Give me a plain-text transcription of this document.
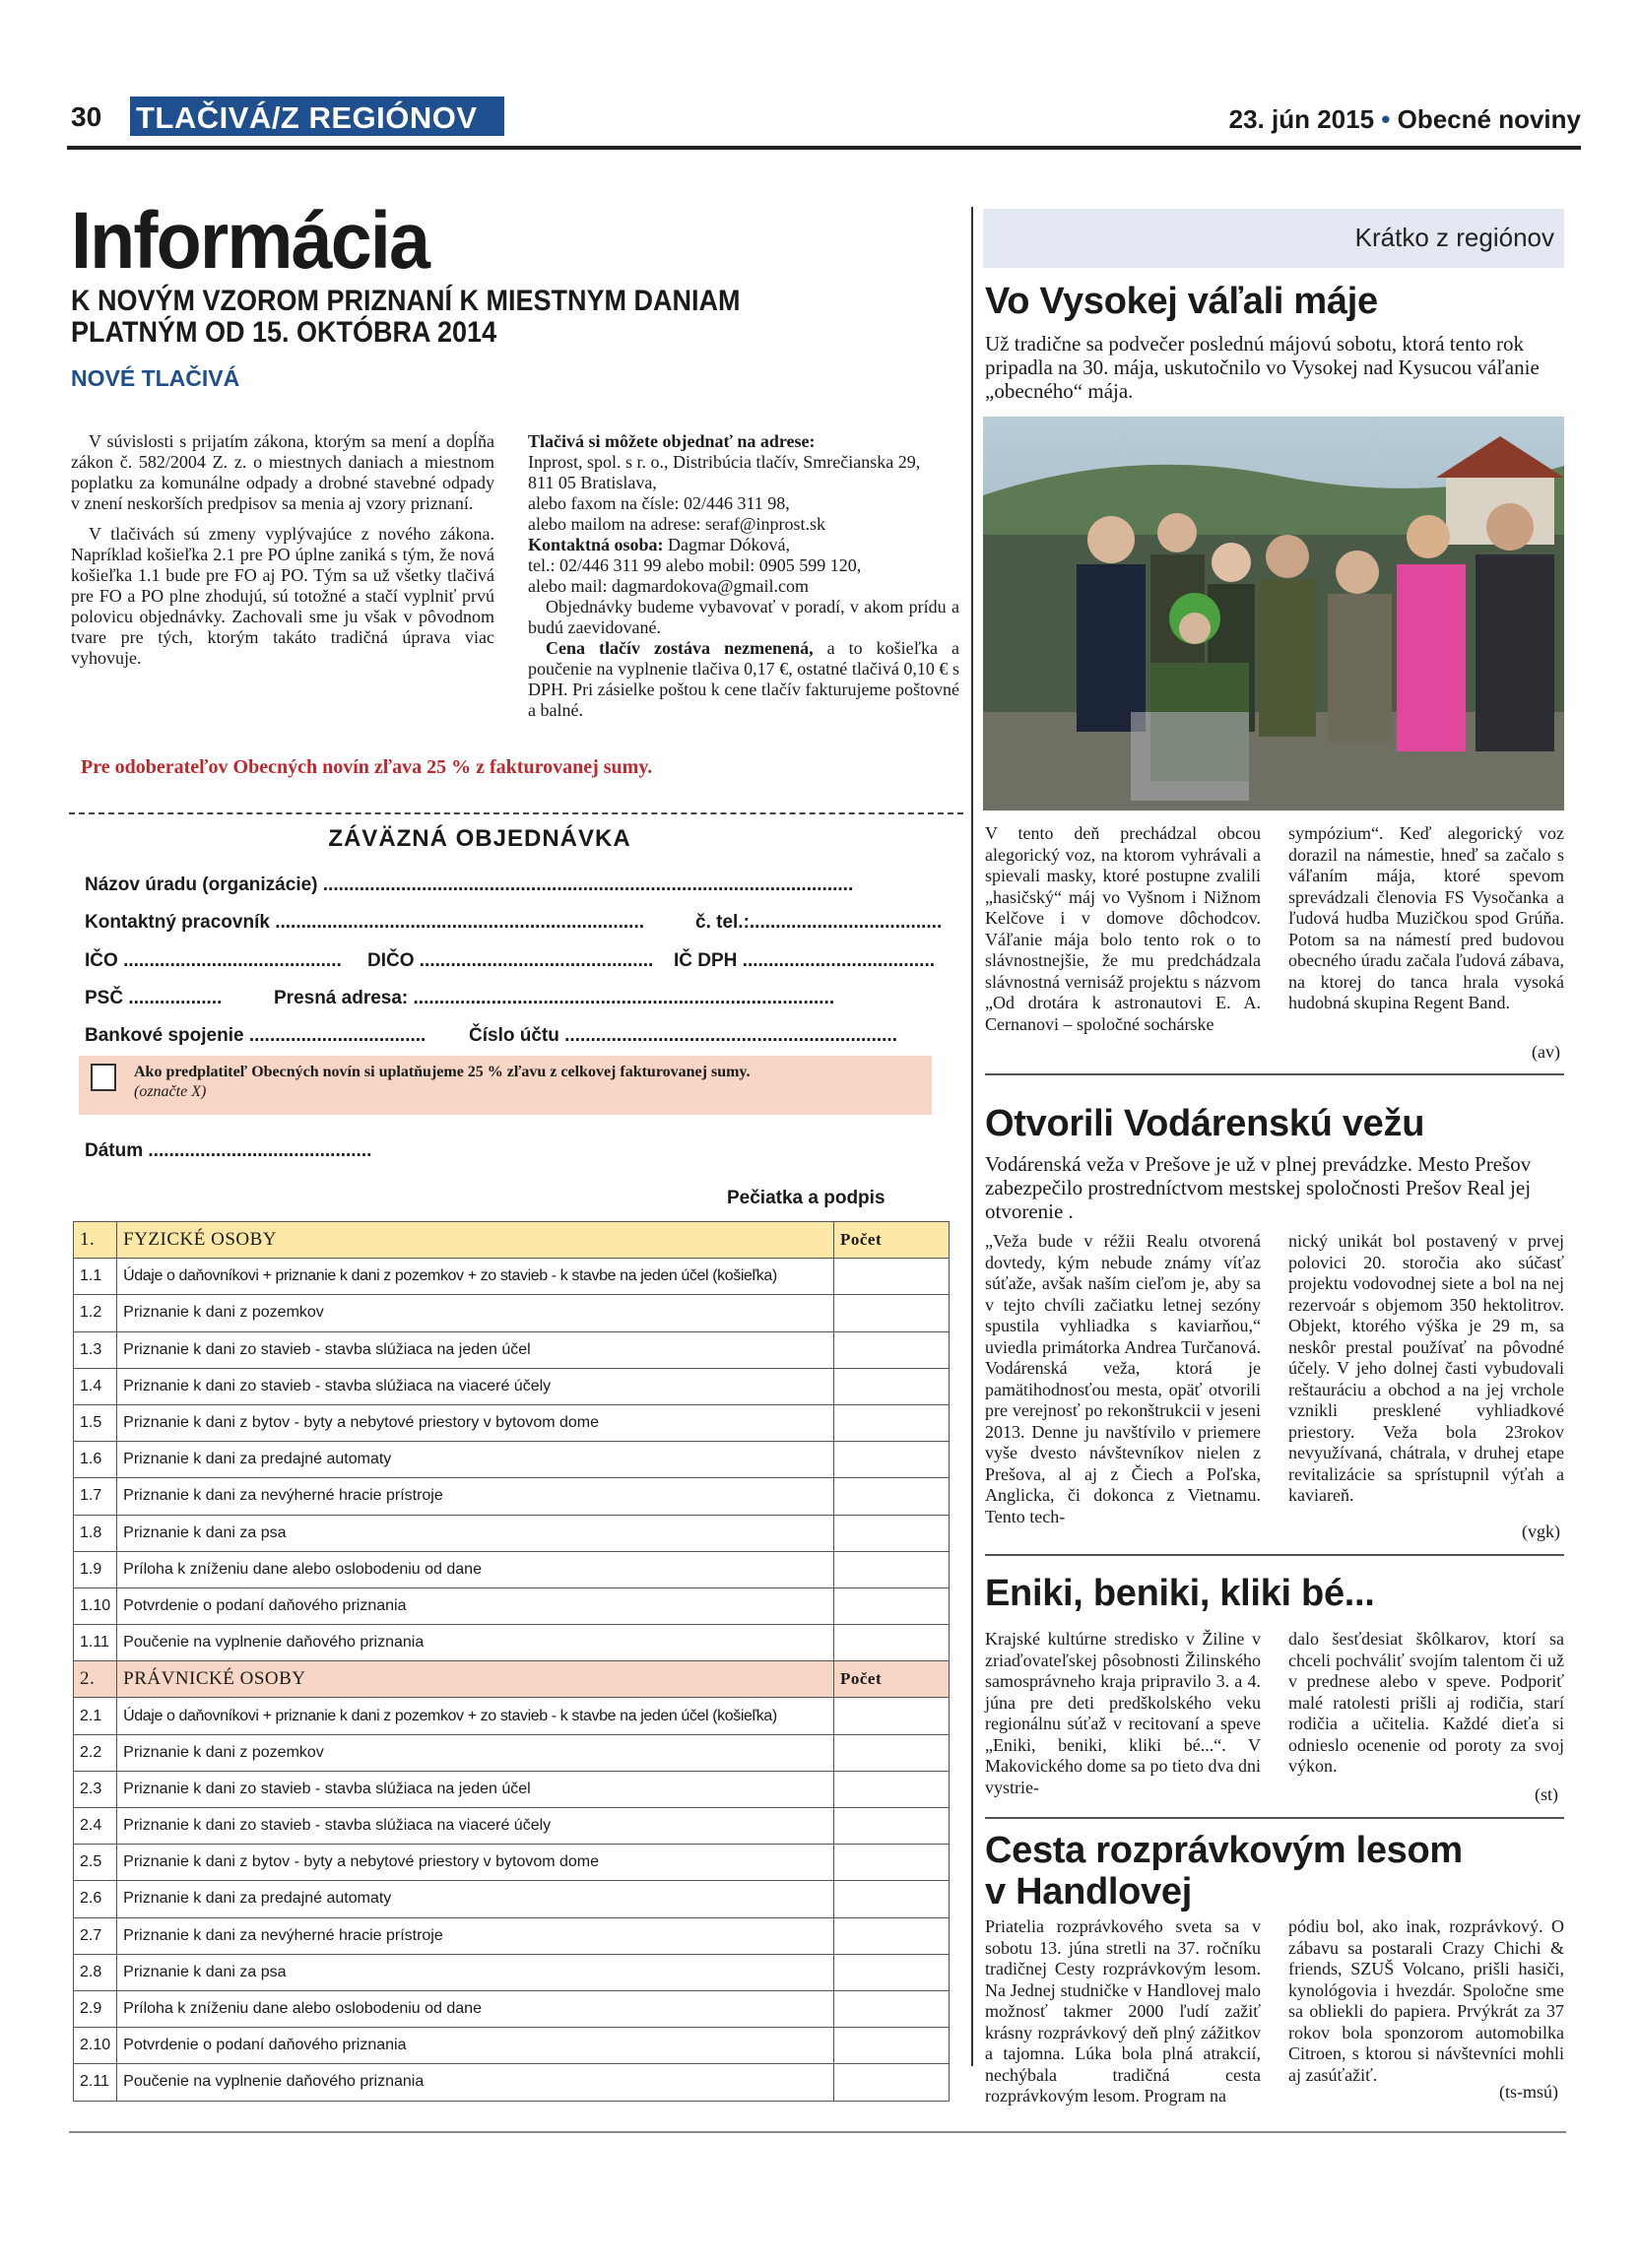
30 TLAČIVÁ/Z REGIÓNOV	23. jún 2015 • Obecné noviny
Informácia
K NOVÝM VZOROM PRIZNANÍ K MIESTNYM DANIAM PLATNÝM OD 15. OKTÓBRA 2014
NOVÉ TLAČIVÁ

V súvislosti s prijatím zákona, ktorým sa mení a dopĺňa zákon č. 582/2004 Z. z. o miestnych daniach a miestnom poplatku za komunálne odpady a drobné stavebné odpady v znení neskorších predpisov sa menia aj vzory priznaní.

V tlačivách sú zmeny vyplývajúce z nového zákona. Napríklad košieľka 2.1 pre PO úplne zaniká s tým, že nová košieľka 1.1 bude pre FO aj PO. Tým sa už všetky tlačivá pre FO a PO plne zhodujú, sú totožné a stačí vyplniť prvú polovicu objednávky. Zachovali sme ju však v pôvodnom tvare pre tých, ktorým takáto tradičná úprava viac vyhovuje.

Tlačivá si môžete objednať na adrese:
Inprost, spol. s r. o., Distribúcia tlačív, Smrečianska 29,
811 05 Bratislava,
alebo faxom na čísle: 02/446 311 98,
alebo mailom na adrese: seraf@inprost.sk
Kontaktná osoba: Dagmar Dóková,
tel.: 02/446 311 99 alebo mobil: 0905 599 120,
alebo mail: dagmardokova@gmail.com
Objednávky budeme vybavovať v poradí, v akom prídu a budú zaevidované.
Cena tlačív zostáva nezmenená, a to košieľka a poučenie na vyplnenie tlačiva 0,17 €, ostatné tlačivá 0,10 € s DPH. Pri zásielke poštou k cene tlačív fakturujeme poštovné a balné.
Pre odoberateľov Obecných novín zľava 25 % z fakturovanej sumy.
ZÁVÄZNÁ OBJEDNÁVKA
Názov úradu (organizácie) ......................................................................................................
Kontaktný pracovník .......................................................................	č. tel.:.....................................
IČO .......................................... DIČO ............................................. IČ DPH .....................................
PSČ ..................	Presná adresa: .................................................................................
Bankové spojenie .................................. Číslo účtu ................................................................
Ako predplatiteľ Obecných novín si uplatňujeme 25 % zľavu z celkovej fakturovanej sumy.
(označte X)
Dátum ...........................................
Pečiatka a podpis
1.	FYZICKÉ OSOBY	Počet
1.1	Údaje o daňovníkovi + priznanie k dani z pozemkov + zo stavieb - k stavbe na jeden účel (košieľka)	
1.2	Priznanie k dani z pozemkov	
1.3	Priznanie k dani zo stavieb - stavba slúžiaca na jeden účel	
1.4	Priznanie k dani zo stavieb - stavba slúžiaca na viaceré účely	
1.5	Priznanie k dani z bytov - byty a nebytové priestory v bytovom dome	
1.6	Priznanie k dani za predajné automaty	
1.7	Priznanie k dani za nevýherné hracie prístroje	
1.8	Priznanie k dani za psa	
1.9	Príloha k zníženiu dane alebo oslobodeniu od dane	
1.10	Potvrdenie o podaní daňového priznania	
1.11	Poučenie na vyplnenie daňového priznania	
2.	PRÁVNICKÉ OSOBY	Počet
2.1	Údaje o daňovníkovi + priznanie k dani z pozemkov + zo stavieb - k stavbe na jeden účel (košieľka)	
2.2	Priznanie k dani z pozemkov	
2.3	Priznanie k dani zo stavieb - stavba slúžiaca na jeden účel	
2.4	Priznanie k dani zo stavieb - stavba slúžiaca na viaceré účely	
2.5	Priznanie k dani z bytov - byty a nebytové priestory v bytovom dome	
2.6	Priznanie k dani za predajné automaty	
2.7	Priznanie k dani za nevýherné hracie prístroje	
2.8	Priznanie k dani za psa	
2.9	Príloha k zníženiu dane alebo oslobodeniu od dane	
2.10	Potvrdenie o podaní daňového priznania	
2.11	Poučenie na vyplnenie daňového priznania	
Krátko z regiónov
Vo Vysokej váľali máje
Už tradične sa podvečer poslednú májovú sobotu, ktorá tento rok pripadla na 30. mája, uskutočnilo vo Vysokej nad Kysucou váľanie „obecného“ mája.
V tento deň prechádzal obcou alegorický voz, na ktorom vyhrávali a spievali masky, ktoré postupne zvalili „hasičský“ máj vo Vyšnom i Nižnom Kelčove i v domove dôchodcov. Váľanie mája bolo tento rok o to slávnostnejšie, že mu predchádzala slávnostná vernisáž projektu s názvom „Od drotára k astronautovi E. A. Cernanovi – spoločné sochárske
sympózium“. Keď alegorický voz dorazil na námestie, hneď sa začalo s váľaním mája, ktoré spevom sprevádzali členovia FS Vysočanka a ľudová hudba Muzičkou spod Grúňa. Potom sa na námestí pred budovou obecného úradu začala ľudová zábava, na ktorej do tanca hrala vysoká hudobná skupina Regent Band.
(av)
Otvorili Vodárenskú vežu
Vodárenská veža v Prešove je už v plnej prevádzke. Mesto Prešov zabezpečilo prostredníctvom mestskej spoločnosti Prešov Real jej otvorenie .
„Veža bude v réžii Realu otvorená dovtedy, kým nebude známy víťaz súťaže, avšak naším cieľom je, aby sa v tejto chvíli začiatku letnej sezóny spustila vyhliadka s kaviarňou,“ uviedla primátorka Andrea Turčanová. Vodárenská veža, ktorá je pamätihodnosťou mesta, opäť otvorili pre verejnosť po rekonštrukcii v jeseni 2013. Denne ju navštívilo v priemere vyše dvesto návštevníkov nielen z Prešova, al aj z Čiech a Poľska, Anglicka, či dokonca z Vietnamu. Tento tech-
nický unikát bol postavený v prvej polovici 20. storočia ako súčasť projektu vodovodnej siete a bol na nej rezervoár s objemom 350 hektolitrov. Objekt, ktorého výška je 29 m, sa neskôr prestal používať na pôvodné účely. V jeho dolnej časti vybudovali reštauráciu a obchod a na jej vrchole vznikli presklené vyhliadkové priestory. Veža bola 23rokov nevyužívaná, chátrala, v druhej etape revitalizácie sa sprístupnil výťah a kaviareň.
(vgk)
Eniki, beniki, kliki bé...
Krajské kultúrne stredisko v Žiline v zriaďovateľskej pôsobnosti Žilinského samosprávneho kraja pripravilo 3. a 4. júna pre deti predškolského veku regionálnu súťaž v recitovaní a speve „Eniki, beniki, kliki bé...“. V Makovického dome sa po tieto dva dni vystrie-
dalo šesťdesiat škôlkarov, ktorí sa chceli pochváliť svojím talentom či už v prednese alebo v speve. Podporiť malé ratolesti prišli aj rodičia, starí rodičia a učitelia. Každé dieťa si odnieslo ocenenie od poroty za svoj výkon.
(st)
Cesta rozprávkovým lesom
v Handlovej
Priatelia rozprávkového sveta sa v sobotu 13. júna stretli na 37. ročníku tradičnej Cesty rozprávkovým lesom. Na Jednej studničke v Handlovej malo možnosť takmer 2000 ľudí zažiť krásny rozprávkový deň plný zážitkov a tajomna. Lúka bola plná atrakcií, nechýbala tradičná cesta rozprávkovým lesom. Program na
pódiu bol, ako inak, rozprávkový. O zábavu sa postarali Crazy Chichi & friends, SZUŠ Volcano, prišli hasiči, kynológovia i hvezdár. Spoločne sme sa obliekli do papiera. Prvýkrát za 37 rokov bola sponzorom automobilka Citroen, s ktorou si návštevníci mohli aj zasúťažiť.
(ts-msú)
